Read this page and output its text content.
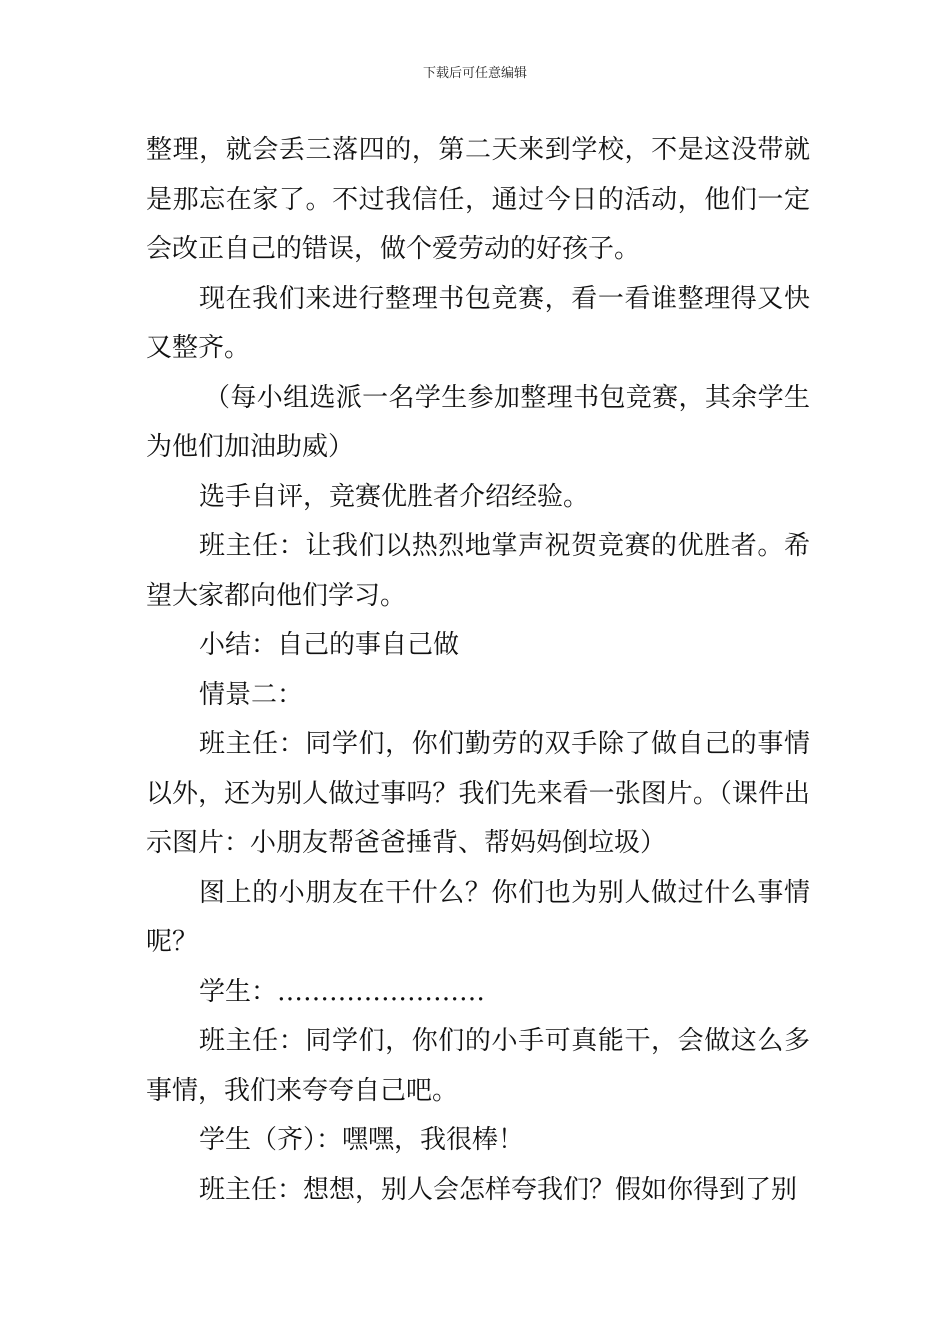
下载后可任意编辑

整理，就会丢三落四的，第二天来到学校，不是这没带就是那忘在家了。不过我信任，通过今日的活动，他们一定会改正自己的错误，做个爱劳动的好孩子。

现在我们来进行整理书包竞赛，看一看谁整理得又快又整齐。

（每小组选派一名学生参加整理书包竞赛，其余学生为他们加油助威）

选手自评，竞赛优胜者介绍经验。

班主任：让我们以热烈地掌声祝贺竞赛的优胜者。希望大家都向他们学习。

小结：自己的事自己做

情景二：

班主任：同学们，你们勤劳的双手除了做自己的事情以外，还为别人做过事吗？我们先来看一张图片。（课件出示图片：小朋友帮爸爸捶背、帮妈妈倒垃圾）

图上的小朋友在干什么？你们也为别人做过什么事情呢？

学生：……………………

班主任：同学们，你们的小手可真能干，会做这么多事情，我们来夸夸自己吧。

学生（齐）：嘿嘿，我很棒！

班主任：想想，别人会怎样夸我们？假如你得到了别
